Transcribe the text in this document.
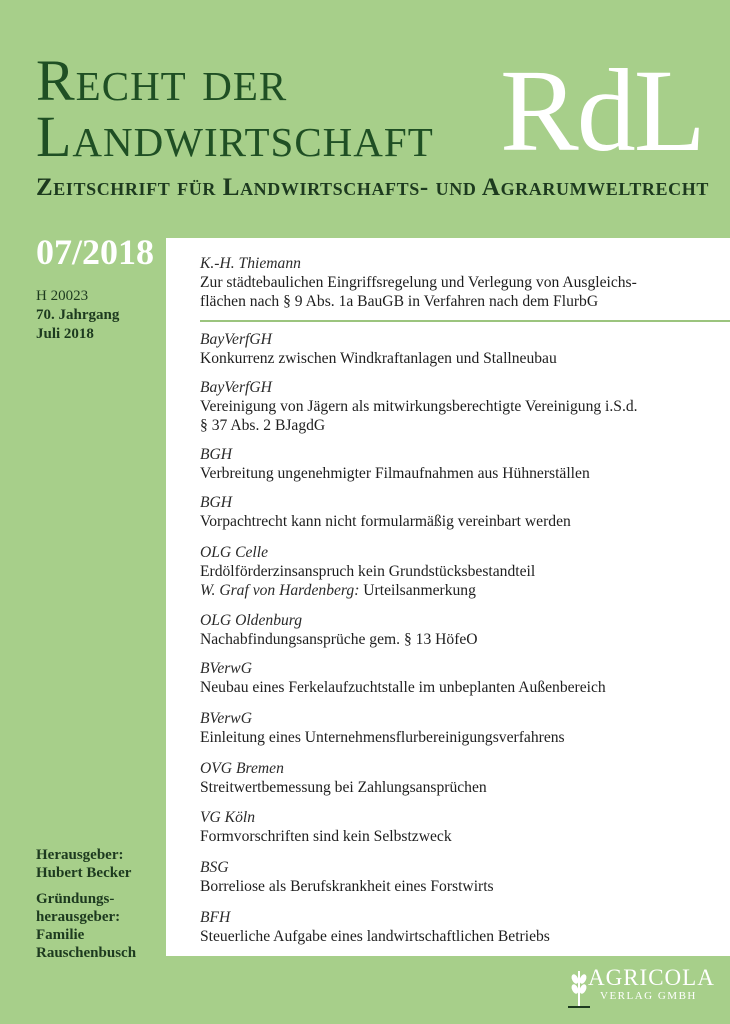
Recht der
Landwirtschaft RdL
Zeitschrift für Landwirtschafts- und Agrarumweltrecht
07/2018
H 20023
70. Jahrgang
Juli 2018
Herausgeber:
Hubert Becker
Gründungs-
herausgeber:
Familie
Rauschenbusch
K.-H. Thiemann
Zur städtebaulichen Eingriffsregelung und Verlegung von Ausgleichs-
flächen nach § 9 Abs. 1a BauGB in Verfahren nach dem FlurbG
BayVerfGH
Konkurrenz zwischen Windkraftanlagen und Stallneubau
BayVerfGH
Vereinigung von Jägern als mitwirkungsberechtigte Vereinigung i.S.d.
§ 37 Abs. 2 BJagdG
BGH
Verbreitung ungenehmigter Filmaufnahmen aus Hühnerställen
BGH
Vorpachtrecht kann nicht formularmäßig vereinbart werden
OLG Celle
Erdölförderzinsanspruch kein Grundstücksbestandteil
W. Graf von Hardenberg: Urteilsanmerkung
OLG Oldenburg
Nachabfindungsansprüche gem. § 13 HöfeO
BVerwG
Neubau eines Ferkelaufzuchtstalle im unbeplanten Außenbereich
BVerwG
Einleitung eines Unternehmensflurbereinigungsverfahrens
OVG Bremen
Streitwertbemessung bei Zahlungsansprüchen
VG Köln
Formvorschriften sind kein Selbstzweck
BSG
Borreliose als Berufskrankheit eines Forstwirts
BFH
Steuerliche Aufgabe eines landwirtschaftlichen Betriebs
AGRICOLA
VERLAG GMBH
